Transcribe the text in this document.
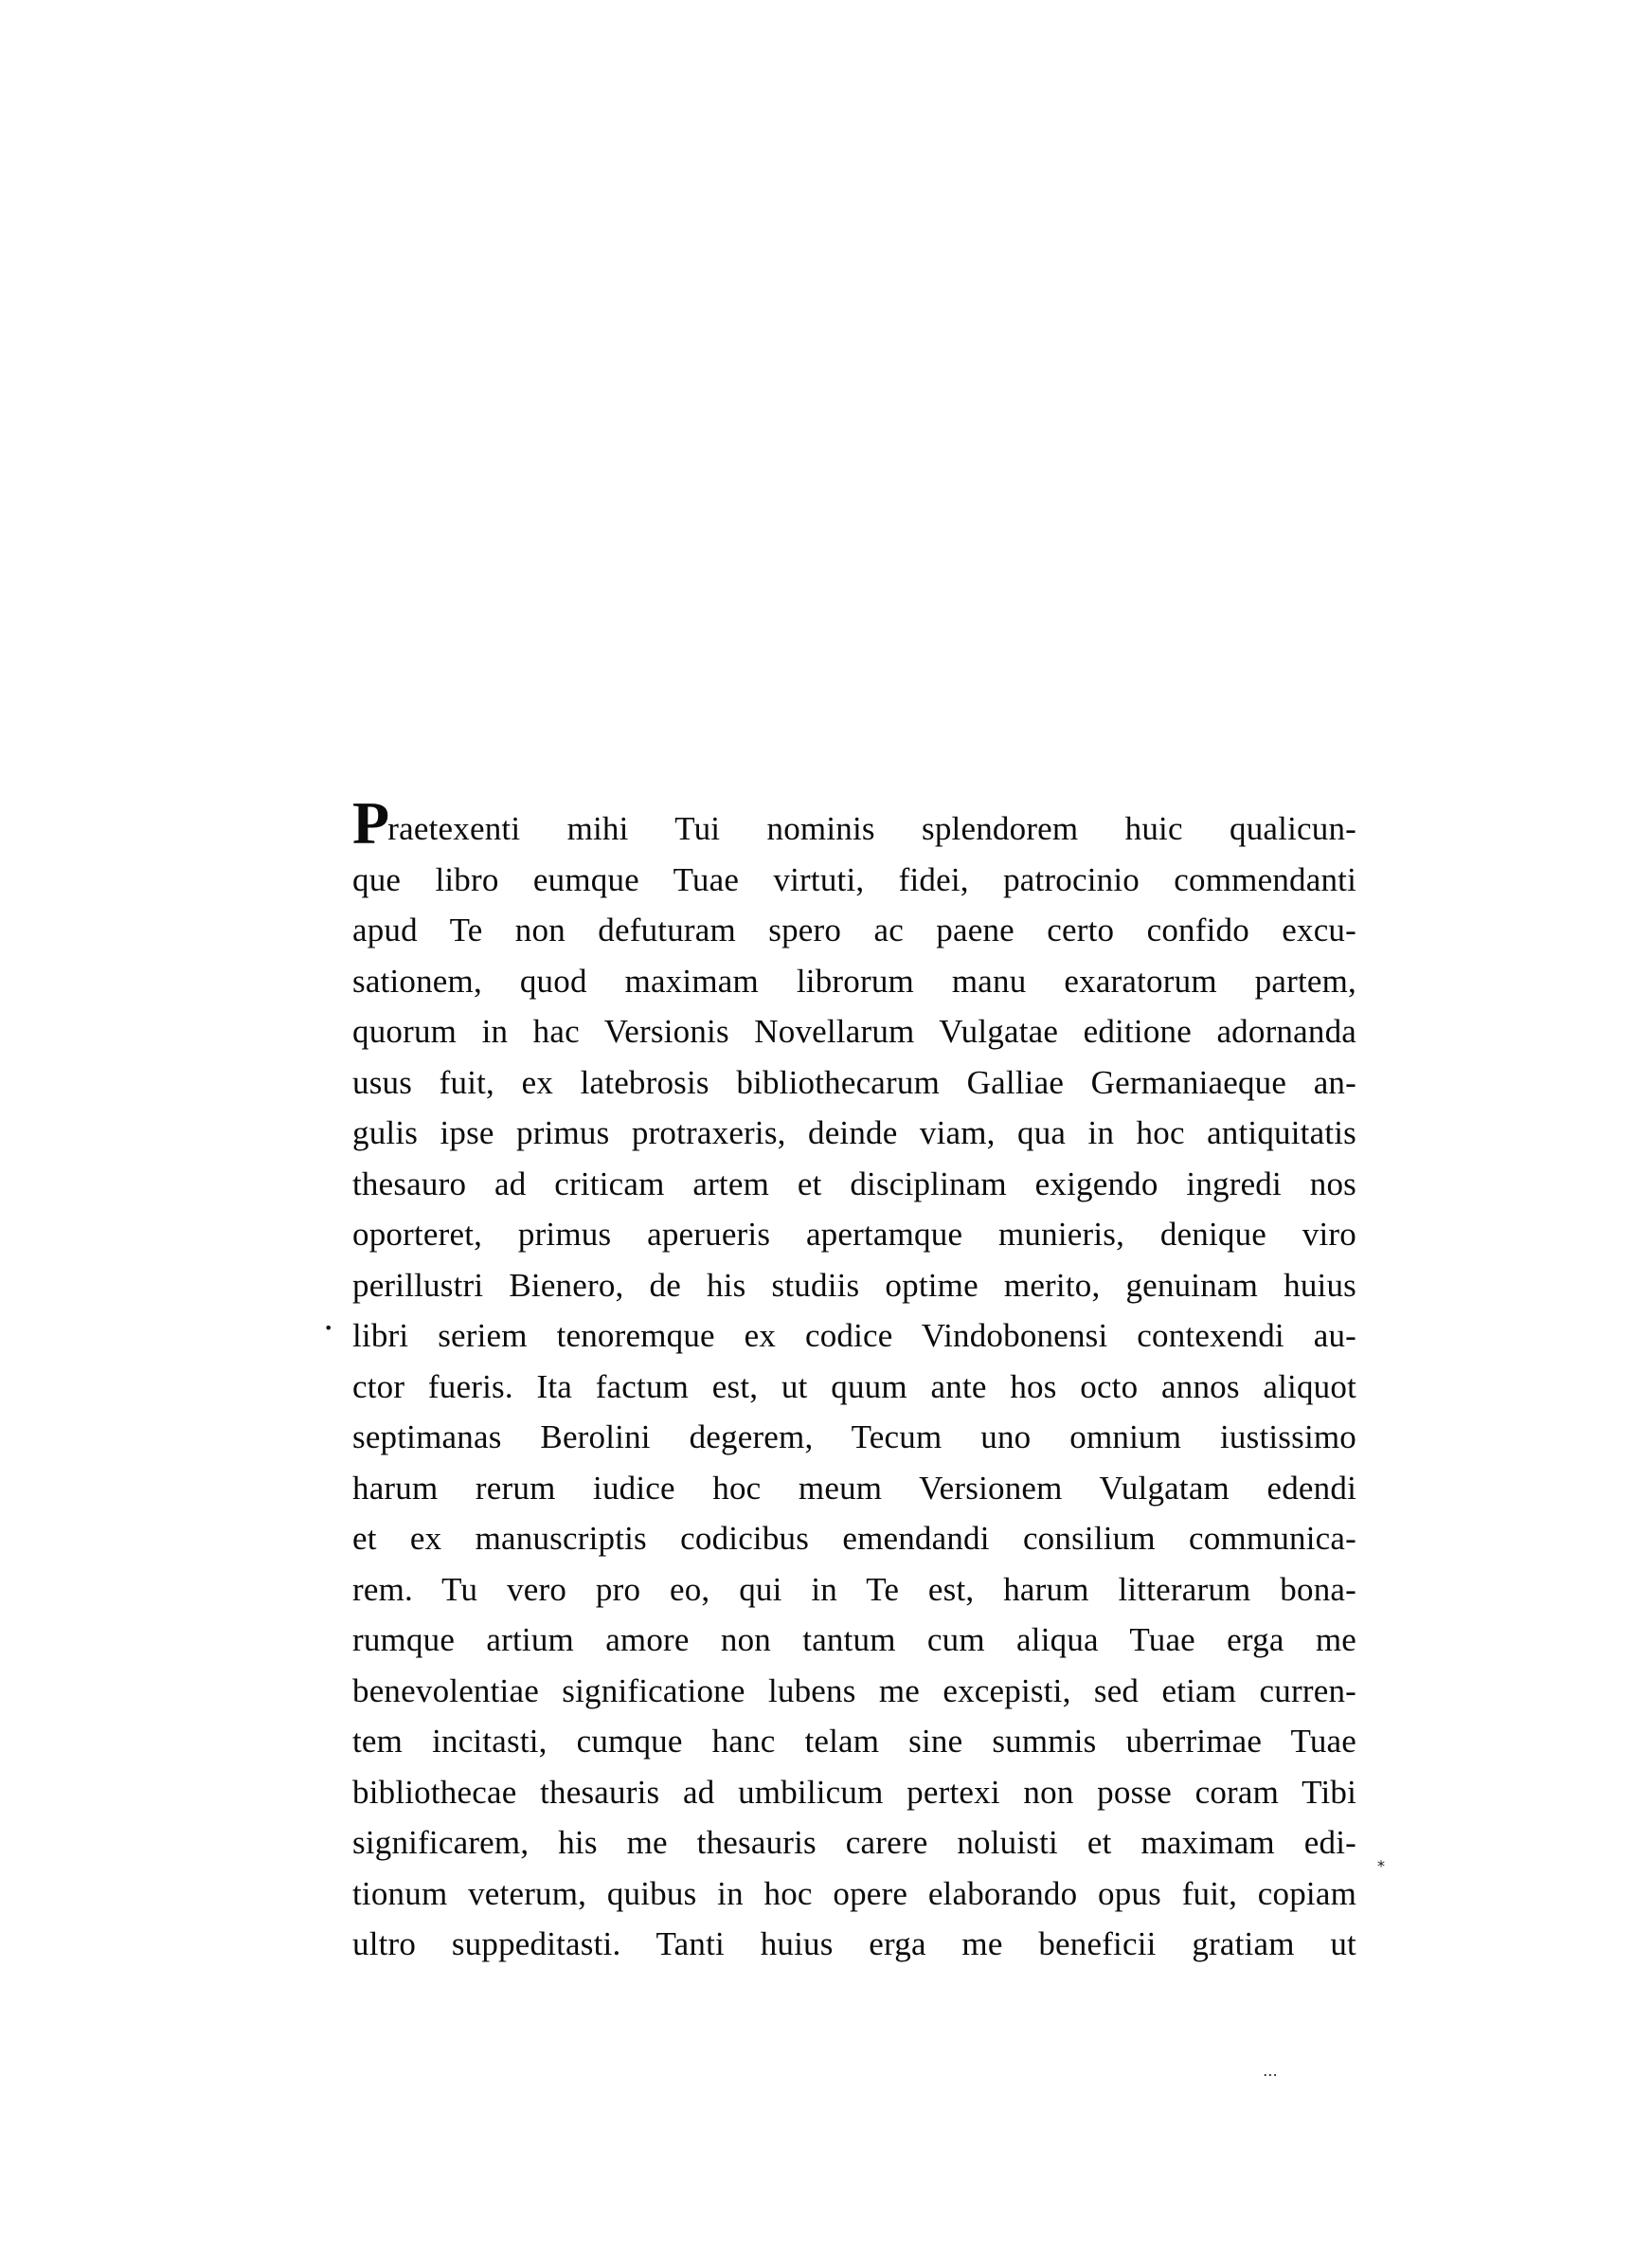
Praetexenti mihi Tui nominis splendorem huic qualicun-
que libro eumque Tuae virtuti, fidei, patrocinio commendanti
apud Te non defuturam spero ac paene certo confido excu-
sationem, quod maximam librorum manu exaratorum partem,
quorum in hac Versionis Novellarum Vulgatae editione adornanda
usus fuit, ex latebrosis bibliothecarum Galliae Germaniaeque an-
gulis ipse primus protraxeris, deinde viam, qua in hoc antiquitatis
thesauro ad criticam artem et disciplinam exigendo ingredi nos
oporteret, primus aperueris apertamque munieris, denique viro
perillustri Bienero, de his studiis optime merito, genuinam huius
libri seriem tenoremque ex codice Vindobonensi contexendi au-
ctor fueris. Ita factum est, ut quum ante hos octo annos aliquot
septimanas Berolini degerem, Tecum uno omnium iustissimo
harum rerum iudice hoc meum Versionem Vulgatam edendi
et ex manuscriptis codicibus emendandi consilium communica-
rem. Tu vero pro eo, qui in Te est, harum litterarum bona-
rumque artium amore non tantum cum aliqua Tuae erga me
benevolentiae significatione lubens me excepisti, sed etiam curren-
tem incitasti, cumque hanc telam sine summis uberrimae Tuae
bibliothecae thesauris ad umbilicum pertexi non posse coram Tibi
significarem, his me thesauris carere noluisti et maximam edi-
tionum veterum, quibus in hoc opere elaborando opus fuit, copiam
ultro suppeditasti. Tanti huius erga me beneficii gratiam ut
•
⁎
⋯
